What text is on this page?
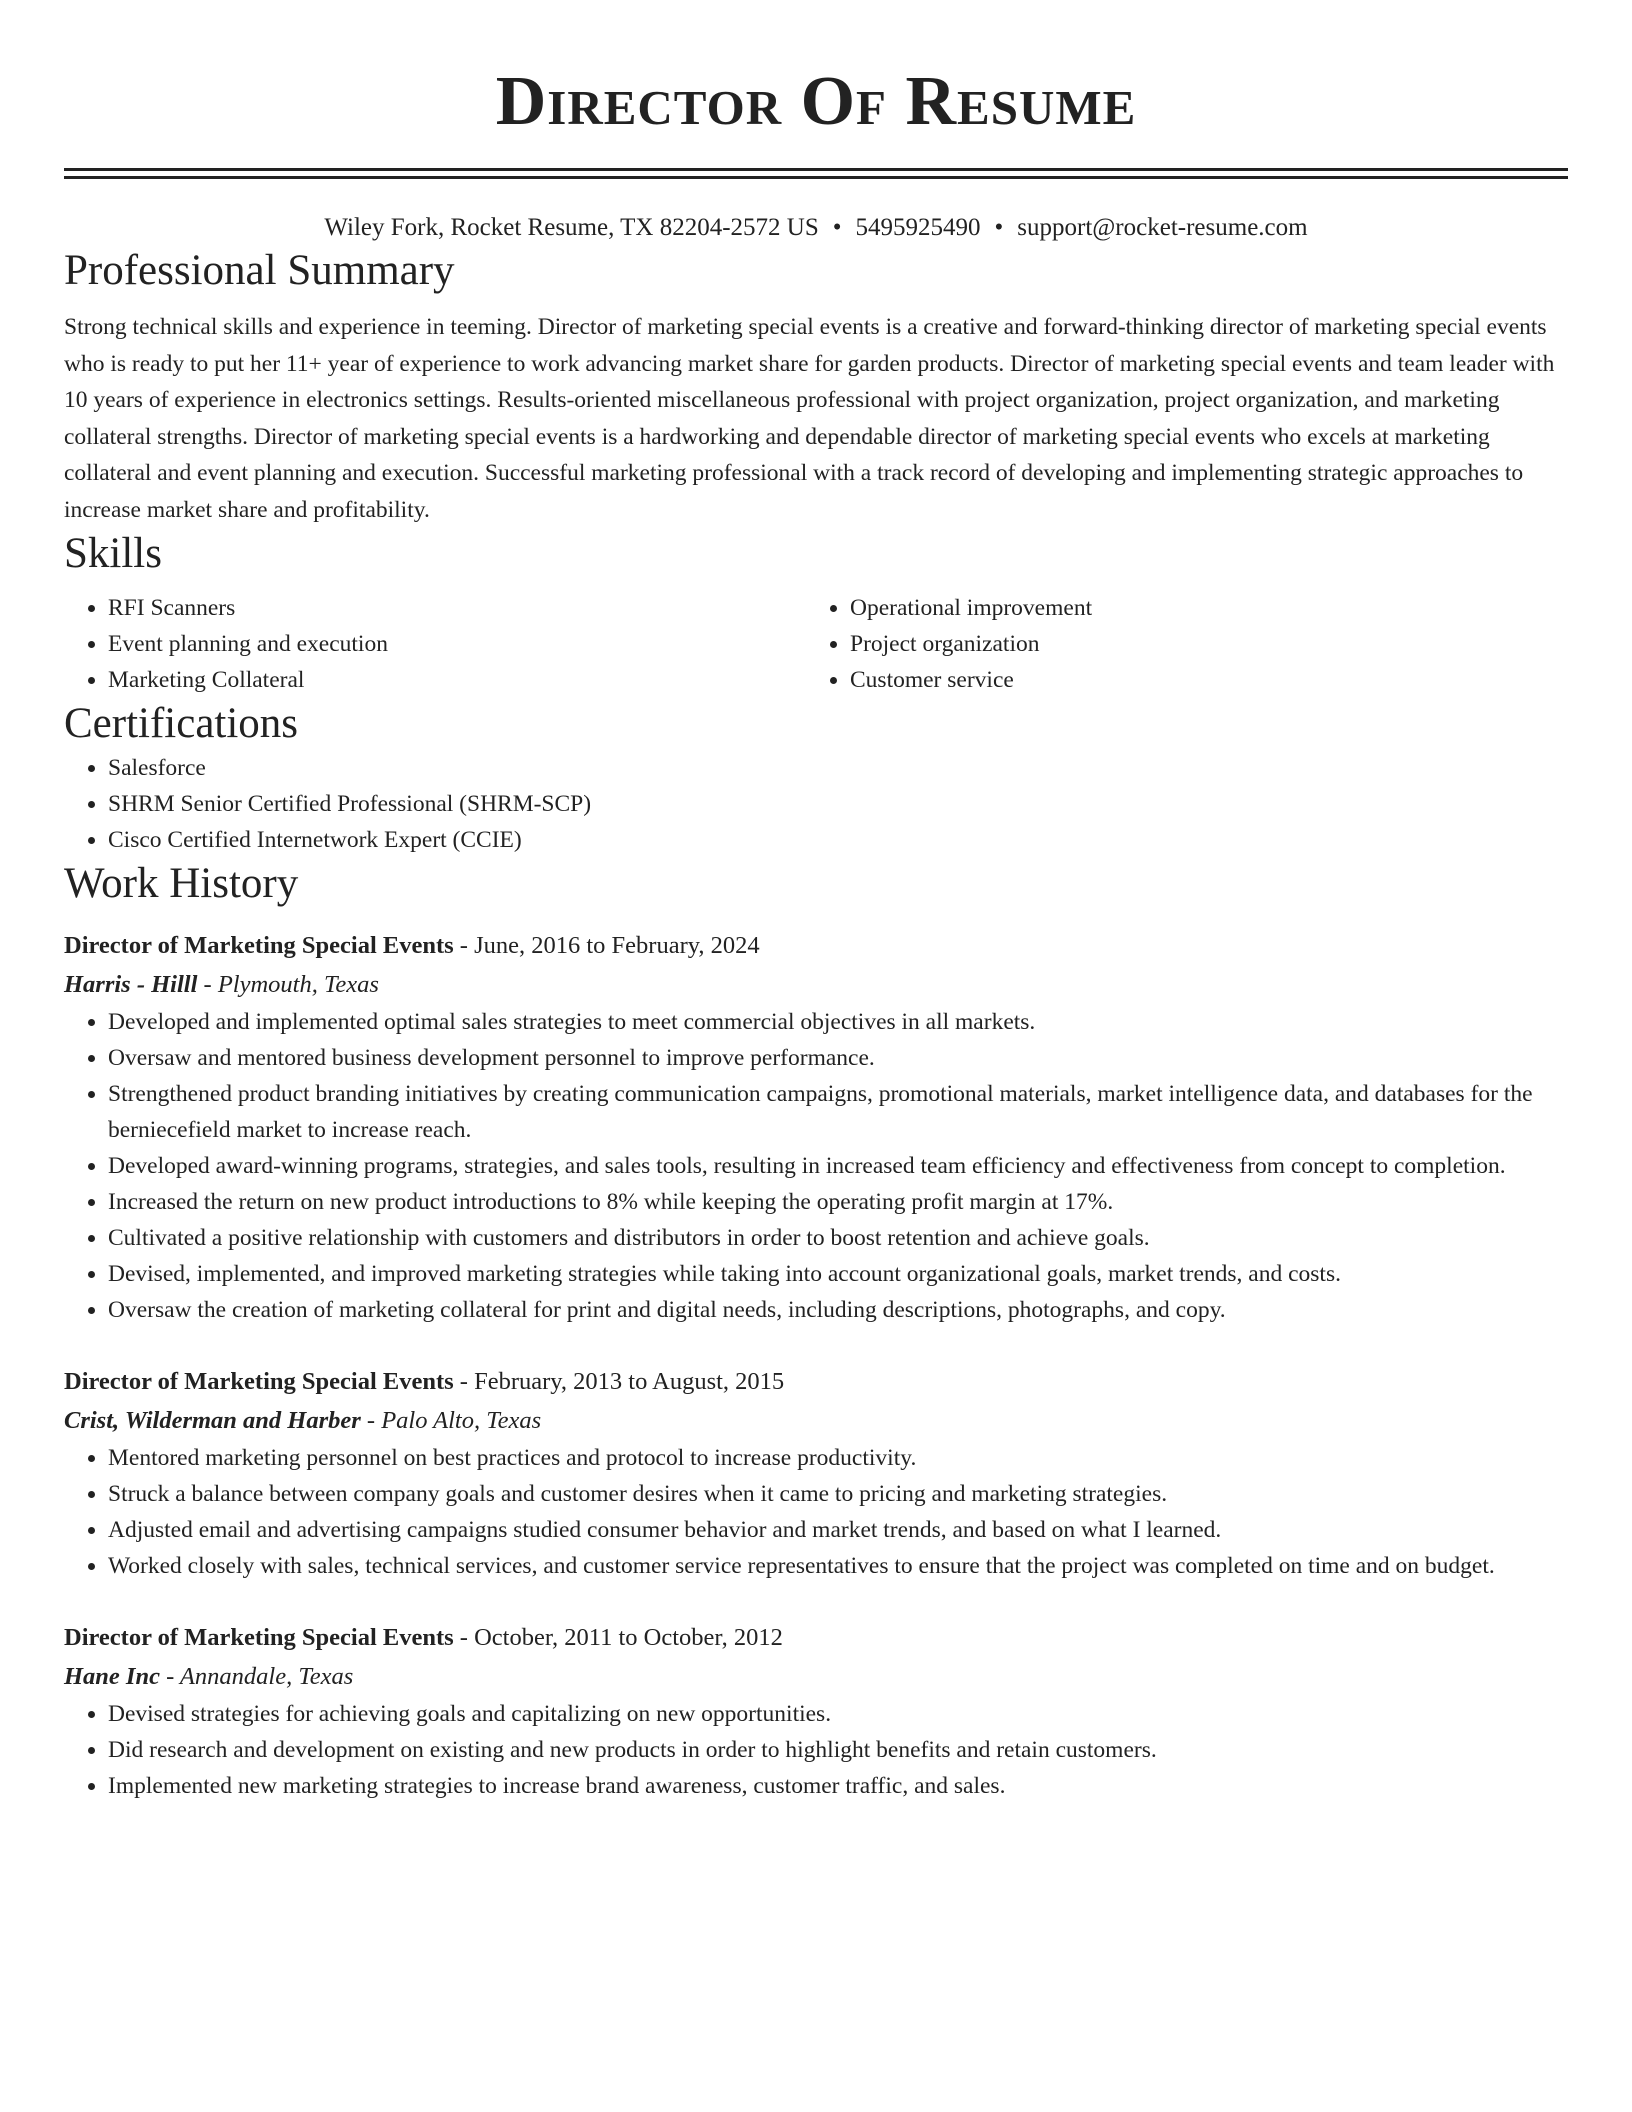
Director Of Resume
Wiley Fork, Rocket Resume, TX 82204-2572 US • 5495925490 • support@rocket-resume.com
Professional Summary
Strong technical skills and experience in teeming. Director of marketing special events is a creative and forward-thinking director of marketing special events who is ready to put her 11+ year of experience to work advancing market share for garden products. Director of marketing special events and team leader with 10 years of experience in electronics settings. Results-oriented miscellaneous professional with project organization, project organization, and marketing collateral strengths. Director of marketing special events is a hardworking and dependable director of marketing special events who excels at marketing collateral and event planning and execution. Successful marketing professional with a track record of developing and implementing strategic approaches to increase market share and profitability.
Skills
• RFI Scanners
• Event planning and execution
• Marketing Collateral
• Operational improvement
• Project organization
• Customer service
Certifications
• Salesforce
• SHRM Senior Certified Professional (SHRM-SCP)
• Cisco Certified Internetwork Expert (CCIE)
Work History
Director of Marketing Special Events - June, 2016 to February, 2024
Harris - Hilll - Plymouth, Texas
• Developed and implemented optimal sales strategies to meet commercial objectives in all markets.
• Oversaw and mentored business development personnel to improve performance.
• Strengthened product branding initiatives by creating communication campaigns, promotional materials, market intelligence data, and databases for the berniecefield market to increase reach.
• Developed award-winning programs, strategies, and sales tools, resulting in increased team efficiency and effectiveness from concept to completion.
• Increased the return on new product introductions to 8% while keeping the operating profit margin at 17%.
• Cultivated a positive relationship with customers and distributors in order to boost retention and achieve goals.
• Devised, implemented, and improved marketing strategies while taking into account organizational goals, market trends, and costs.
• Oversaw the creation of marketing collateral for print and digital needs, including descriptions, photographs, and copy.
Director of Marketing Special Events - February, 2013 to August, 2015
Crist, Wilderman and Harber - Palo Alto, Texas
• Mentored marketing personnel on best practices and protocol to increase productivity.
• Struck a balance between company goals and customer desires when it came to pricing and marketing strategies.
• Adjusted email and advertising campaigns studied consumer behavior and market trends, and based on what I learned.
• Worked closely with sales, technical services, and customer service representatives to ensure that the project was completed on time and on budget.
Director of Marketing Special Events - October, 2011 to October, 2012
Hane Inc - Annandale, Texas
• Devised strategies for achieving goals and capitalizing on new opportunities.
• Did research and development on existing and new products in order to highlight benefits and retain customers.
• Implemented new marketing strategies to increase brand awareness, customer traffic, and sales.
